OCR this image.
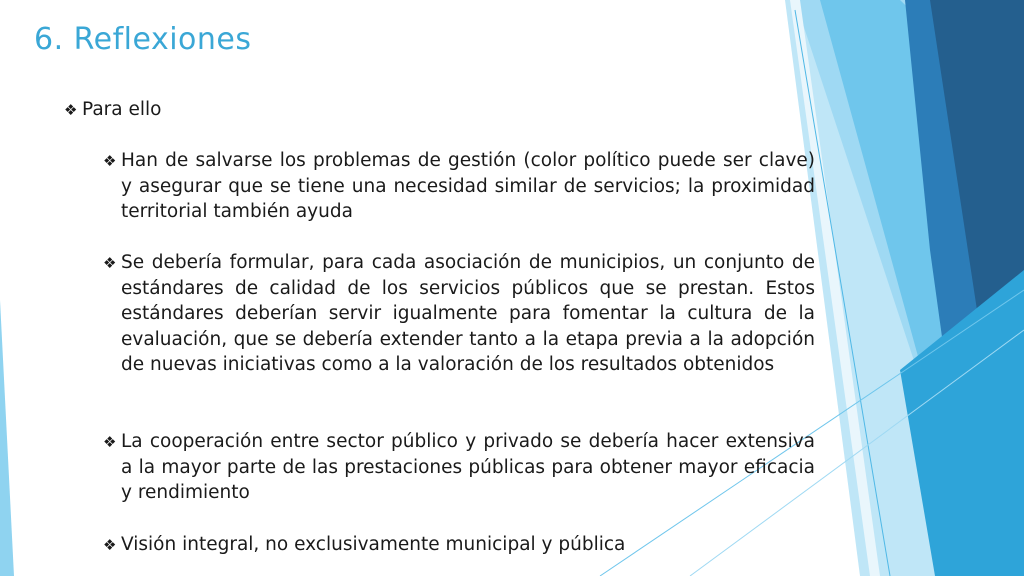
6. Reflexiones
❖ Para ello

❖ Han de salvarse los problemas de gestión (color político puede ser clave) y asegurar que se tiene una necesidad similar de servicios; la proximidad territorial también ayuda

❖ Se debería formular, para cada asociación de municipios, un conjunto de estándares de calidad de los servicios públicos que se prestan. Estos estándares deberían servir igualmente para fomentar la cultura de la evaluación, que se debería extender tanto a la etapa previa a la adopción de nuevas iniciativas como a la valoración de los resultados obtenidos

❖ La cooperación entre sector público y privado se debería hacer extensiva a la mayor parte de las prestaciones públicas para obtener mayor eficacia y rendimiento

❖ Visión integral, no exclusivamente municipal y pública
